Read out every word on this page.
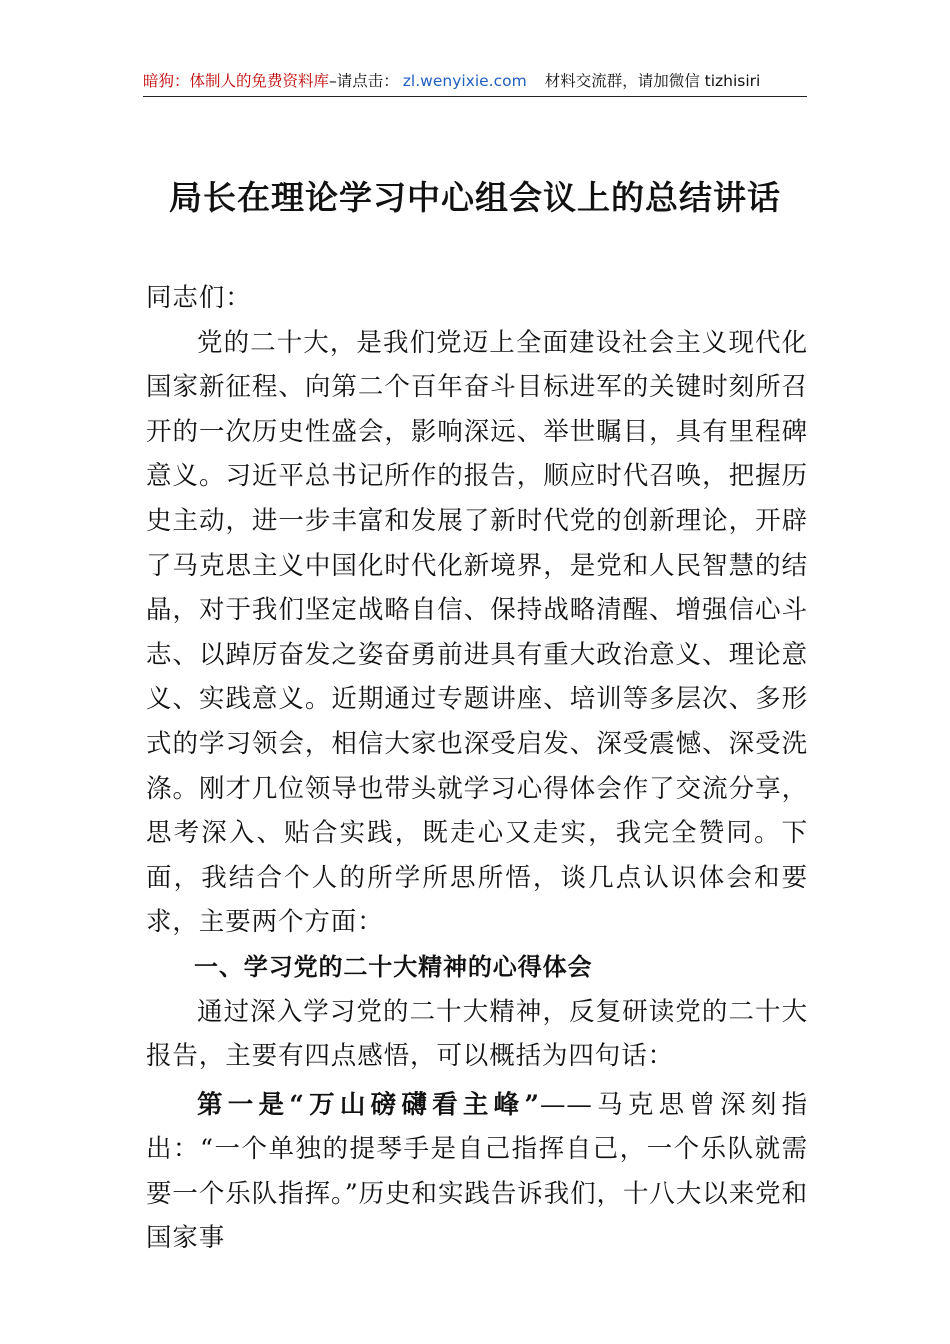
暗狗：体制人的免费资料库–请点击： zl.wenyixie.com 材料交流群，请加微信 tizhisiri
局长在理论学习中心组会议上的总结讲话

同志们：

党的二十大，是我们党迈上全面建设社会主义现代化国家新征程、向第二个百年奋斗目标进军的关键时刻所召开的一次历史性盛会，影响深远、举世瞩目，具有里程碑意义。习近平总书记所作的报告，顺应时代召唤，把握历史主动，进一步丰富和发展了新时代党的创新理论，开辟了马克思主义中国化时代化新境界，是党和人民智慧的结晶，对于我们坚定战略自信、保持战略清醒、增强信心斗志、以踔厉奋发之姿奋勇前进具有重大政治意义、理论意义、实践意义。近期通过专题讲座、培训等多层次、多形式的学习领会，相信大家也深受启发、深受震憾、深受洗涤。刚才几位领导也带头就学习心得体会作了交流分享，思考深入、贴合实践，既走心又走实，我完全赞同。下面，我结合个人的所学所思所悟，谈几点认识体会和要求，主要两个方面：

一、学习党的二十大精神的心得体会

通过深入学习党的二十大精神，反复研读党的二十大报告，主要有四点感悟，可以概括为四句话：

第一是“万山磅礴看主峰”——马克思曾深刻指出：“一个单独的提琴手是自己指挥自己，一个乐队就需要一个乐队指挥。”历史和实践告诉我们，十八大以来党和国家事
